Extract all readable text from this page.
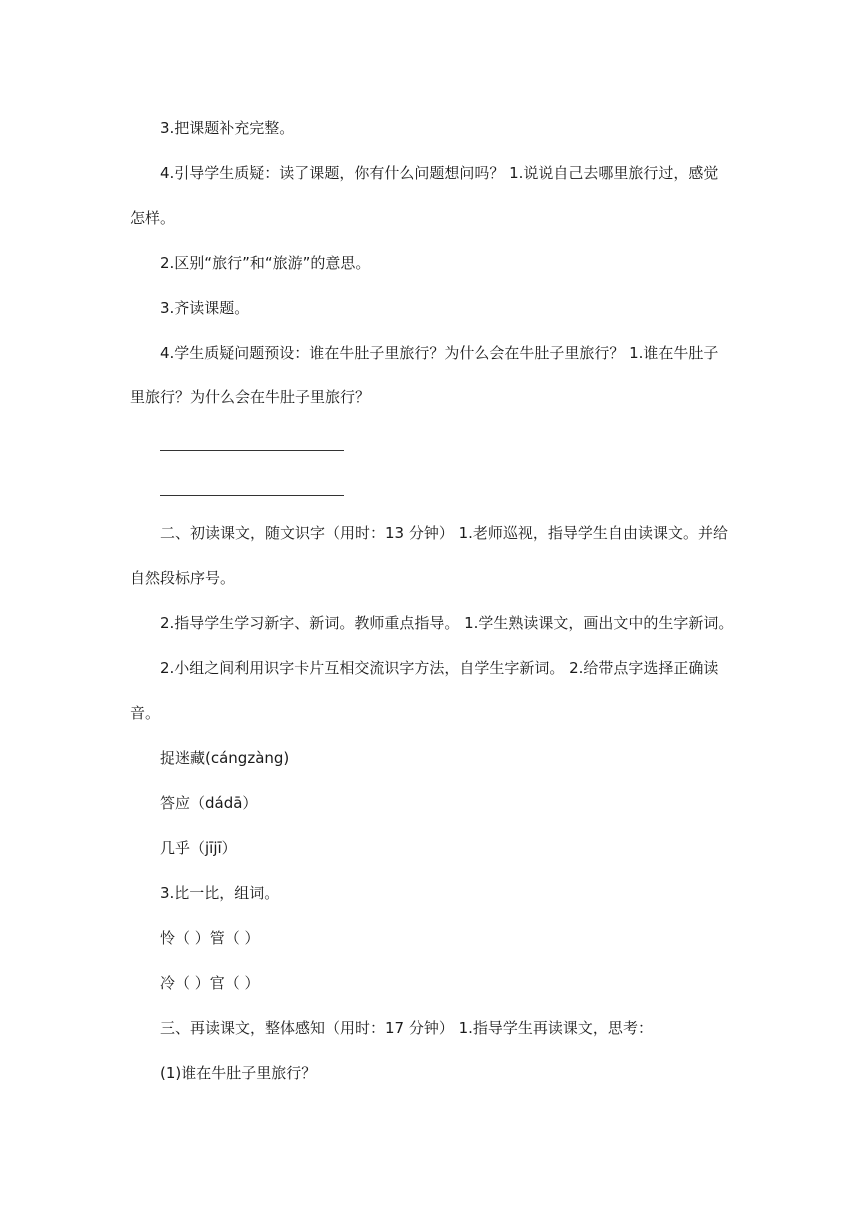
3.把课题补充完整。
4.引导学生质疑：读了课题，你有什么问题想问吗？ 1.说说自己去哪里旅行过，感觉
怎样。
2.区别“旅行”和“旅游”的意思。
3.齐读课题。
4.学生质疑问题预设：谁在牛肚子里旅行？为什么会在牛肚子里旅行？ 1.谁在牛肚子
里旅行？为什么会在牛肚子里旅行？
二、初读课文，随文识字（用时：13 分钟） 1.老师巡视，指导学生自由读课文。并给
自然段标序号。
2.指导学生学习新字、新词。教师重点指导。 1.学生熟读课文，画出文中的生字新词。
2.小组之间利用识字卡片互相交流识字方法，自学生字新词。 2.给带点字选择正确读
音。
捉迷藏(cángzàng)
答应（dádā）
几乎（jījī）
3.比一比，组词。
怜（ ）管（ ）
冷（ ）官（ ）
三、再读课文，整体感知（用时：17 分钟） 1.指导学生再读课文，思考：
(1)谁在牛肚子里旅行？
